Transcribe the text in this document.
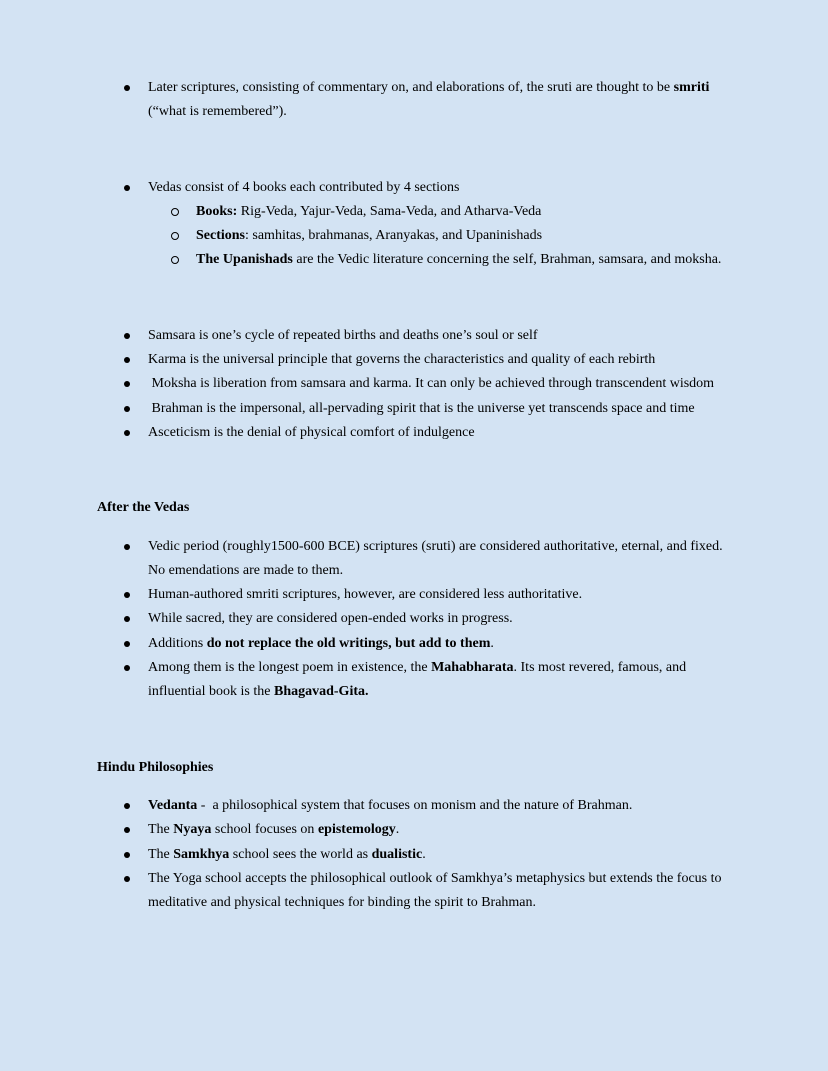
Later scriptures, consisting of commentary on, and elaborations of, the sruti are thought to be smriti (“what is remembered”).
Vedas consist of 4 books each contributed by 4 sections
Books: Rig-Veda, Yajur-Veda, Sama-Veda, and Atharva-Veda
Sections: samhitas, brahmanas, Aranyakas, and Upaninishads
The Upanishads are the Vedic literature concerning the self, Brahman, samsara, and moksha.
Samsara is one’s cycle of repeated births and deaths one’s soul or self
Karma is the universal principle that governs the characteristics and quality of each rebirth
Moksha is liberation from samsara and karma. It can only be achieved through transcendent wisdom
Brahman is the impersonal, all-pervading spirit that is the universe yet transcends space and time
Asceticism is the denial of physical comfort of indulgence
After the Vedas
Vedic period (roughly1500-600 BCE) scriptures (sruti) are considered authoritative, eternal, and fixed. No emendations are made to them.
Human-authored smriti scriptures, however, are considered less authoritative.
While sacred, they are considered open-ended works in progress.
Additions do not replace the old writings, but add to them.
Among them is the longest poem in existence, the Mahabharata. Its most revered, famous, and influential book is the Bhagavad-Gita.
Hindu Philosophies
Vedanta -  a philosophical system that focuses on monism and the nature of Brahman.
The Nyaya school focuses on epistemology.
The Samkhya school sees the world as dualistic.
The Yoga school accepts the philosophical outlook of Samkhya’s metaphysics but extends the focus to meditative and physical techniques for binding the spirit to Brahman.
